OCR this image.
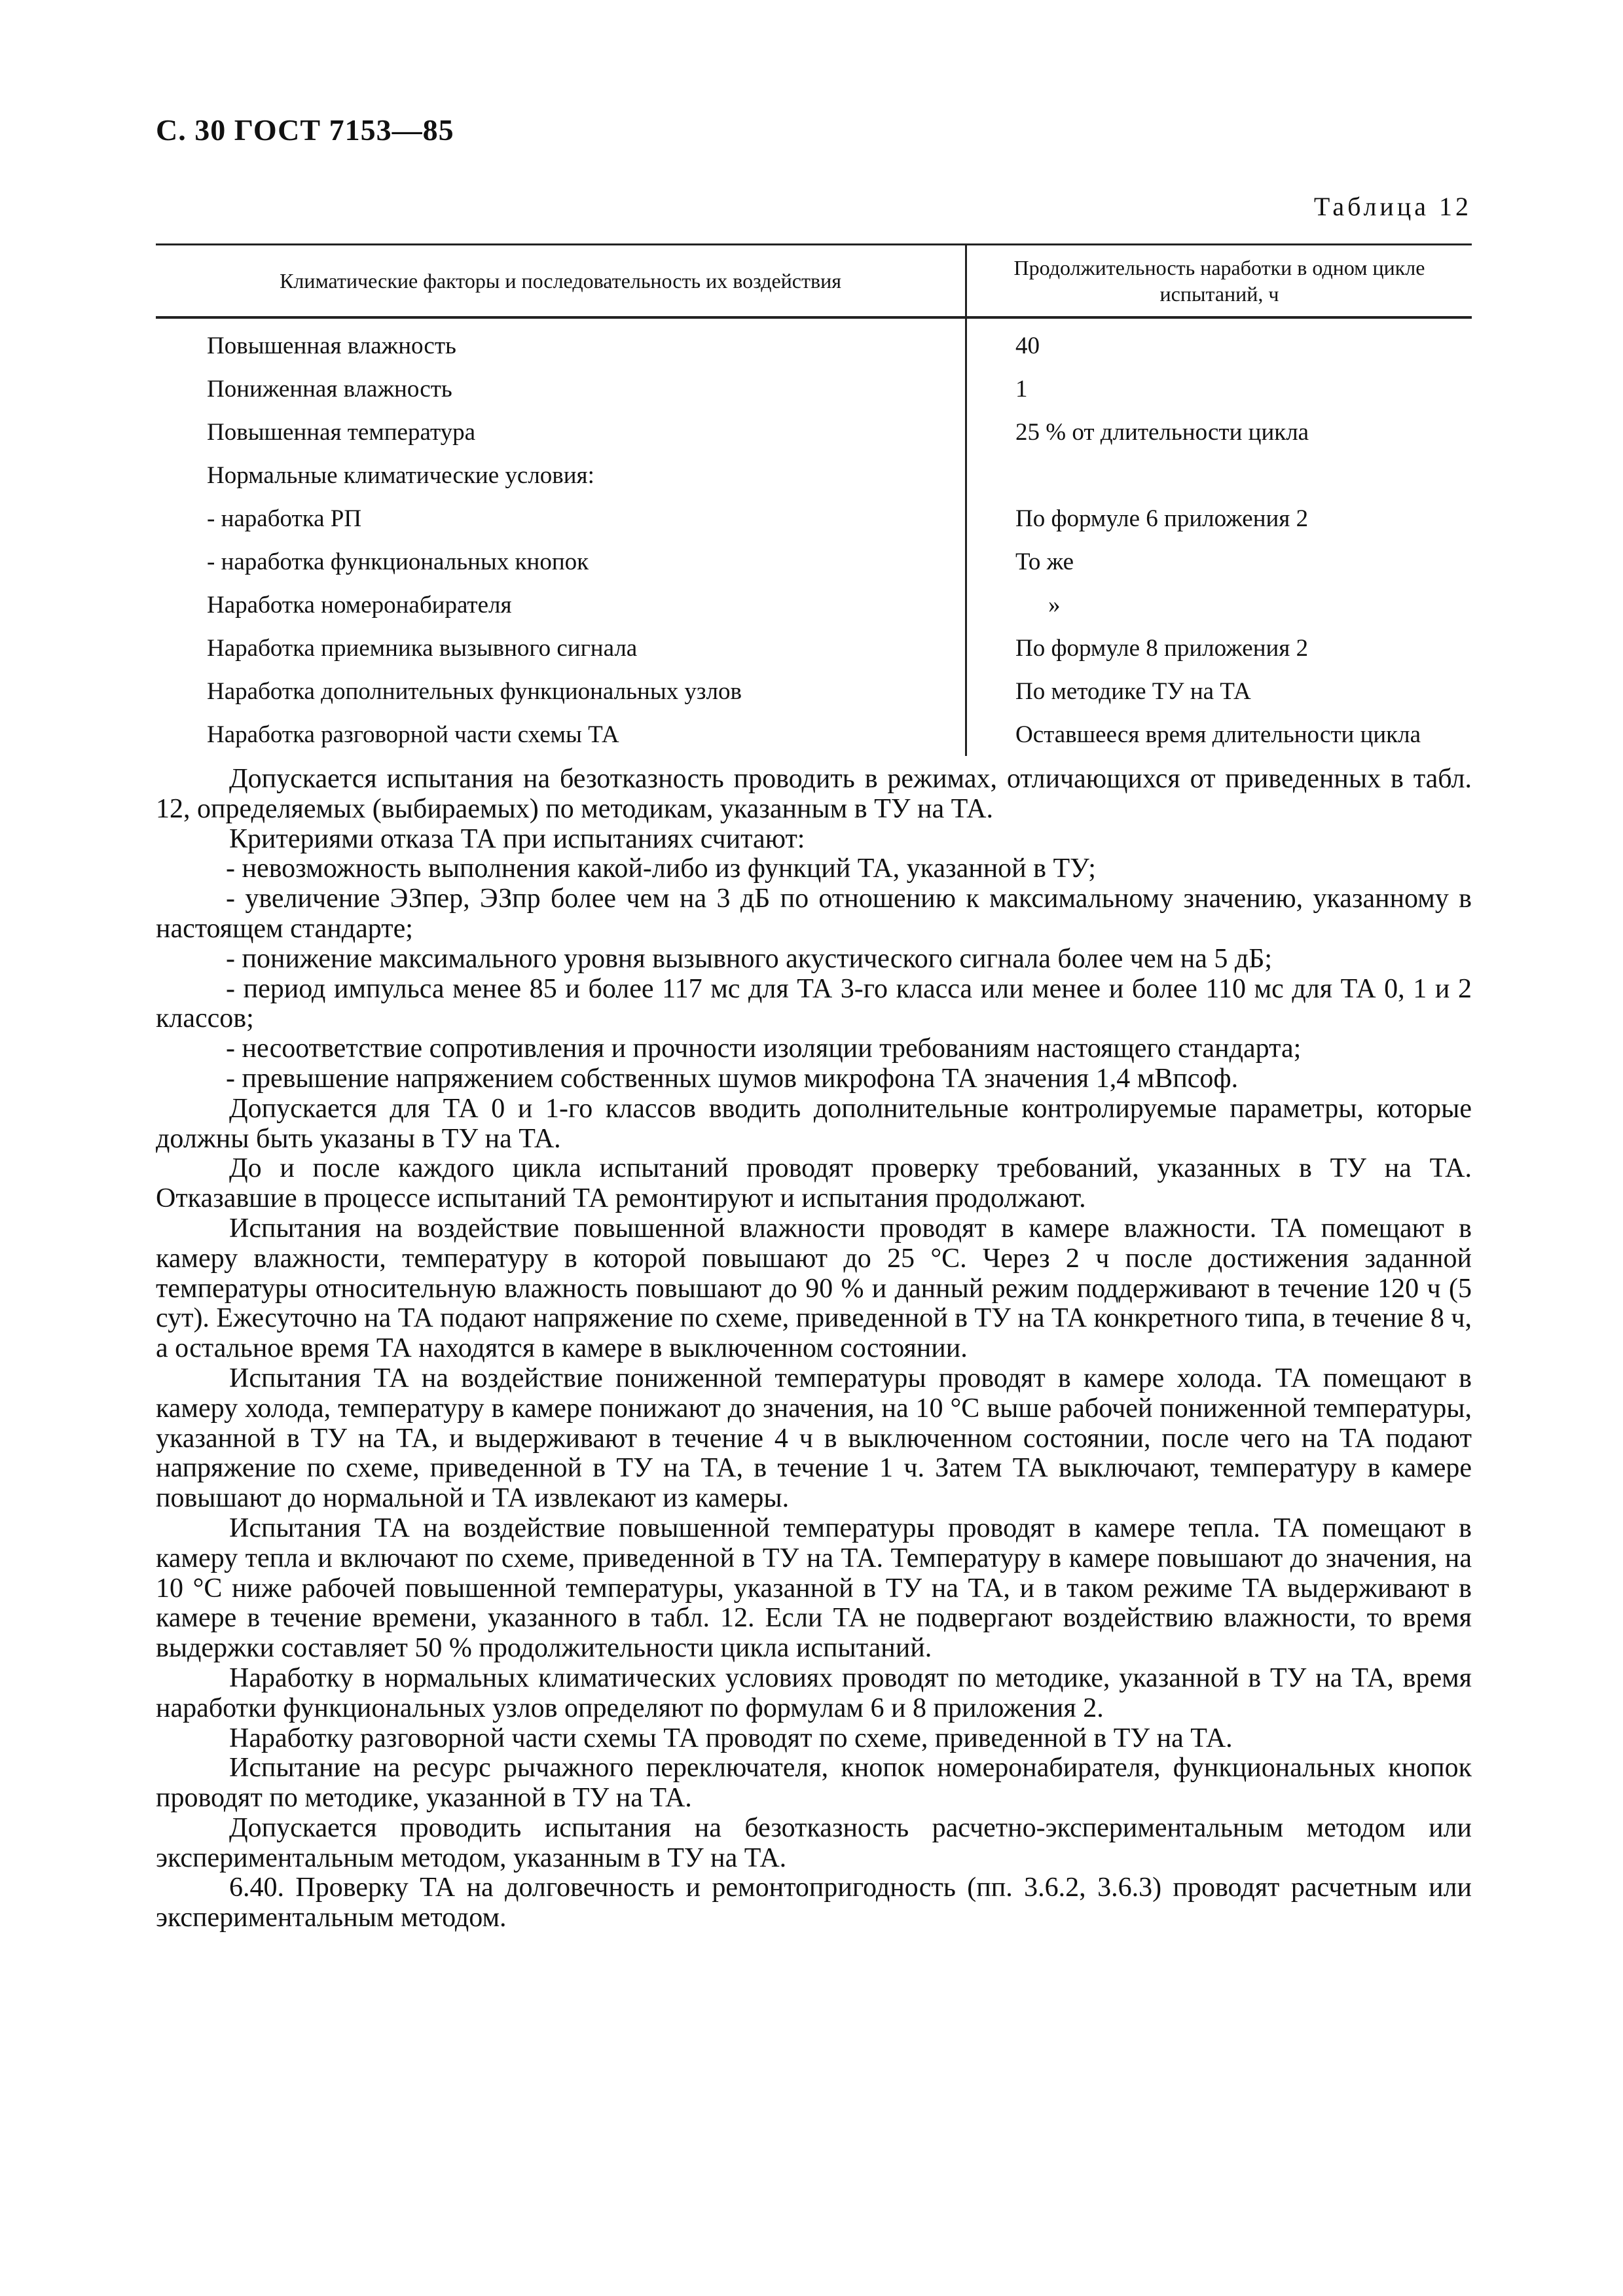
С. 30 ГОСТ 7153—85
Таблица 12
Климатические факторы и последовательность их воздействия	Продолжительность наработки в одном цикле испытаний, ч
Повышенная влажность	40
Пониженная влажность	1
Повышенная температура	25 % от длительности цикла
Нормальные климатические условия:	
- наработка РП	По формуле 6 приложения 2
- наработка функциональных кнопок	То же
Наработка номеронабирателя	»
Наработка приемника вызывного сигнала	По формуле 8 приложения 2
Наработка дополнительных функциональных узлов	По методике ТУ на ТА
Наработка разговорной части схемы ТА	Оставшееся время длительности цикла

Допускается испытания на безотказность проводить в режимах, отличающихся от приведенных в табл. 12, определяемых (выбираемых) по методикам, указанным в ТУ на ТА.

Критериями отказа ТА при испытаниях считают:

- невозможность выполнения какой-либо из функций ТА, указанной в ТУ;

- увеличение ЭЗпер, ЭЗпр более чем на 3 дБ по отношению к максимальному значению, указанному в настоящем стандарте;

- понижение максимального уровня вызывного акустического сигнала более чем на 5 дБ;

- период импульса менее 85 и более 117 мс для ТА 3-го класса или менее и более 110 мс для ТА 0, 1 и 2 классов;

- несоответствие сопротивления и прочности изоляции требованиям настоящего стандарта;

- превышение напряжением собственных шумов микрофона ТА значения 1,4 мВпсоф.

Допускается для ТА 0 и 1-го классов вводить дополнительные контролируемые параметры, которые должны быть указаны в ТУ на ТА.

До и после каждого цикла испытаний проводят проверку требований, указанных в ТУ на ТА. Отказавшие в процессе испытаний ТА ремонтируют и испытания продолжают.

Испытания на воздействие повышенной влажности проводят в камере влажности. ТА помещают в камеру влажности, температуру в которой повышают до 25 °С. Через 2 ч после достижения заданной температуры относительную влажность повышают до 90 % и данный режим поддерживают в течение 120 ч (5 сут). Ежесуточно на ТА подают напряжение по схеме, приведенной в ТУ на ТА конкретного типа, в течение 8 ч, а остальное время ТА находятся в камере в выключенном состоянии.

Испытания ТА на воздействие пониженной температуры проводят в камере холода. ТА помещают в камеру холода, температуру в камере понижают до значения, на 10 °С выше рабочей пониженной температуры, указанной в ТУ на ТА, и выдерживают в течение 4 ч в выключенном состоянии, после чего на ТА подают напряжение по схеме, приведенной в ТУ на ТА, в течение 1 ч. Затем ТА выключают, температуру в камере повышают до нормальной и ТА извлекают из камеры.

Испытания ТА на воздействие повышенной температуры проводят в камере тепла. ТА помещают в камеру тепла и включают по схеме, приведенной в ТУ на ТА. Температуру в камере повышают до значения, на 10 °С ниже рабочей повышенной температуры, указанной в ТУ на ТА, и в таком режиме ТА выдерживают в камере в течение времени, указанного в табл. 12. Если ТА не подвергают воздействию влажности, то время выдержки составляет 50 % продолжительности цикла испытаний.

Наработку в нормальных климатических условиях проводят по методике, указанной в ТУ на ТА, время наработки функциональных узлов определяют по формулам 6 и 8 приложения 2.

Наработку разговорной части схемы ТА проводят по схеме, приведенной в ТУ на ТА.

Испытание на ресурс рычажного переключателя, кнопок номеронабирателя, функциональных кнопок проводят по методике, указанной в ТУ на ТА.

Допускается проводить испытания на безотказность расчетно-экспериментальным методом или экспериментальным методом, указанным в ТУ на ТА.

6.40. Проверку ТА на долговечность и ремонтопригодность (пп. 3.6.2, 3.6.3) проводят расчетным или экспериментальным методом.
